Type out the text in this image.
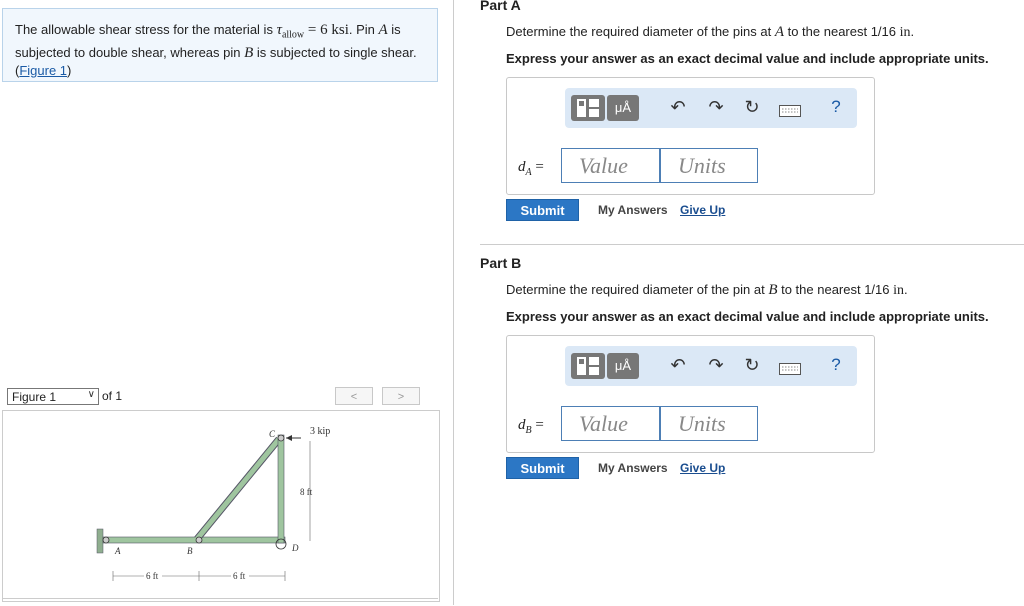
The allowable shear stress for the material is $\tau_{allow} = 6$ ksi. Pin A is subjected to double shear, whereas pin B is subjected to single shear.
(Figure 1)
Figure 1	∨ of 1	<	>
A	B
C
D
3 kip
8 ft
6 ft	6 ft
Part A
Determine the required diameter of the pins at A to the nearest 1/16 in.
Express your answer as an exact decimal value and include appropriate units.
μÅ	↶ ↷ ↻	?
$d_A$ =	Value	Units
Submit	My Answers Give Up
Part B
Determine the required diameter of the pin at B to the nearest 1/16 in.
Express your answer as an exact decimal value and include appropriate units.
μÅ	↶ ↷ ↻	?
$d_B$ =	Value	Units
Submit	My Answers Give Up
